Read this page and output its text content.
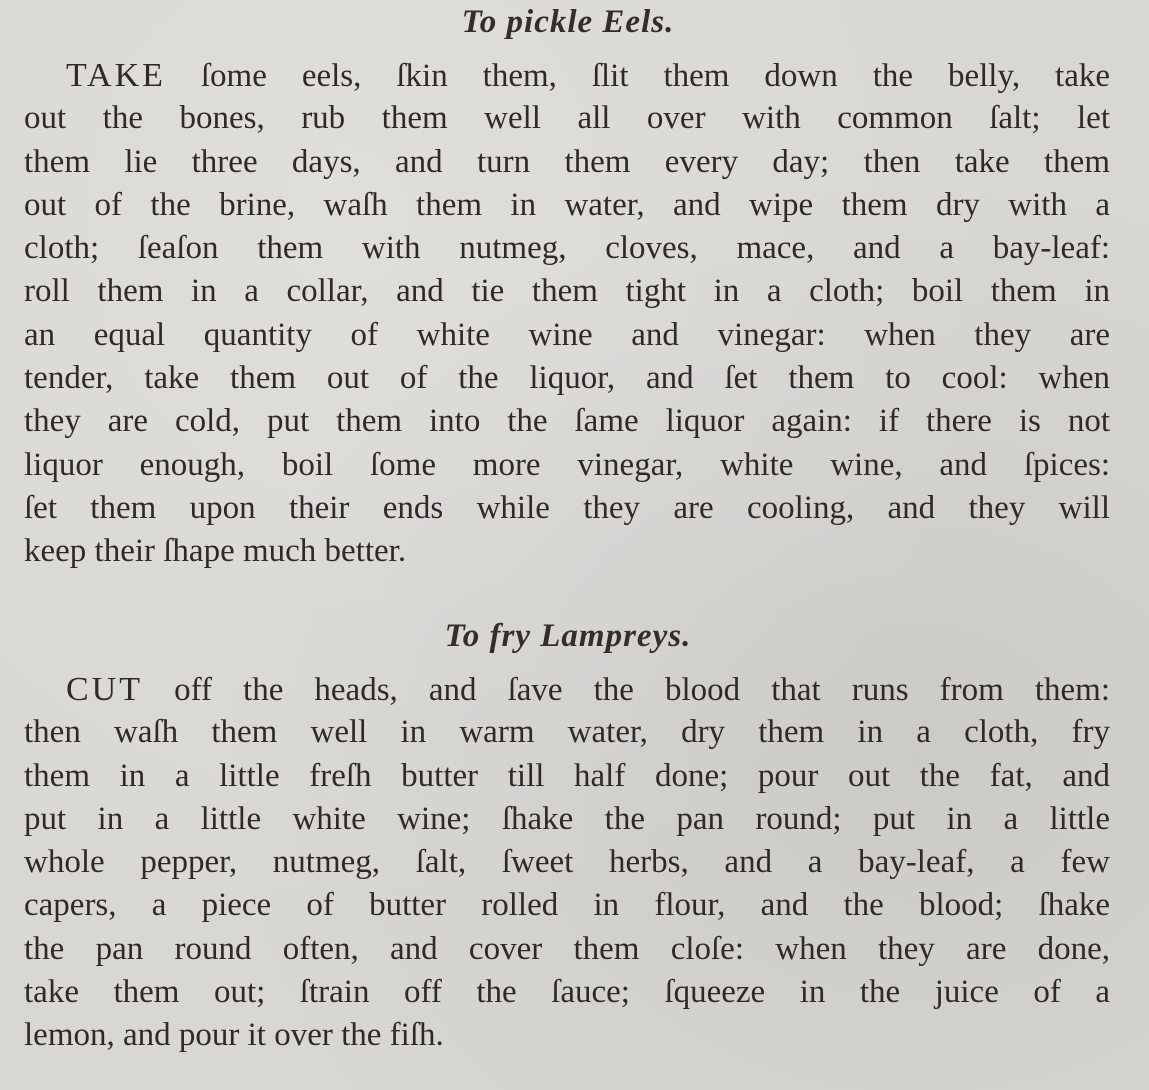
To pickle Eels.
TAKE ſome eels, ſkin them, ſlit them down the belly, take
out the bones, rub them well all over with common ſalt; let
them lie three days, and turn them every day; then take them
out of the brine, waſh them in water, and wipe them dry with a
cloth; ſeaſon them with nutmeg, cloves, mace, and a bay-leaf:
roll them in a collar, and tie them tight in a cloth; boil them in
an equal quantity of white wine and vinegar: when they are
tender, take them out of the liquor, and ſet them to cool: when
they are cold, put them into the ſame liquor again: if there is not
liquor enough, boil ſome more vinegar, white wine, and ſpices:
ſet them upon their ends while they are cooling, and they will
keep their ſhape much better.
To fry Lampreys.
CUT off the heads, and ſave the blood that runs from them:
then waſh them well in warm water, dry them in a cloth, fry
them in a little freſh butter till half done; pour out the fat, and
put in a little white wine; ſhake the pan round; put in a little
whole pepper, nutmeg, ſalt, ſweet herbs, and a bay-leaf, a few
capers, a piece of butter rolled in flour, and the blood; ſhake
the pan round often, and cover them cloſe: when they are done,
take them out; ſtrain off the ſauce; ſqueeze in the juice of a
lemon, and pour it over the fiſh.
